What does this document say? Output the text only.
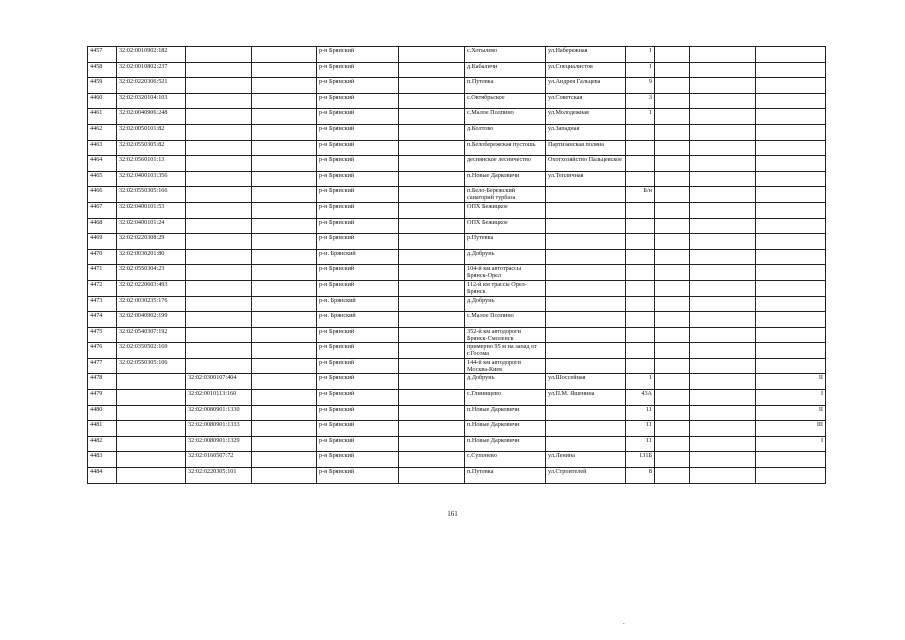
4457	32:02:0010902:182			р-н Брянский		с.Хотылево	ул.Набережная	1			
4458	32:02:0010802:237			р-н Брянский		д.Кабаличи	ул.Специалистов	1			
4459	32:02:0220306:521			р-н Брянский		п.Путевка	ул.Андрея Гальцева	9			
4460	32:02:0320104:103			р-н Брянский		с.Октябрьское	ул.Советская	3			
4461	32:02:0040906:248			р-н Брянский		с.Малое Полпино	ул.Молодежная	1			
4462	32:02:0050101:82			р-н Брянский		д.Колтово	ул.Западная				
4463	32:02:0550305:82			р-н Брянский		п.Белобережская пустошь	Партизанская поляна				
4464	32:02:0560101:13			р-н Брянский		деснянское лесничество	Охотхозяйство Пальцевское				
4465	32:02:0400103:356			р-н Брянский		п.Новые Дарковичи	ул.Тепличная				
4466	32:02:0550305:166			р-н Брянский		п.Бело-Бережский санаторий турбаза		Б/н			
4467	32:02:0400101:53			р-н Брянский		ОПХ Бежицкое					
4468	32:02:0400101:24			р-н Брянский		ОПХ Бежицкое					
4469	32:02:0220308:29			р-н Брянский		р.Путевка					
4470	32:02:0030201:80			р-н. Брянский		д.Добрунь					
4471	32:02:0550304:23			р-н Брянский		104-й км автотрассы Брянск-Орел					
4472	32:02:0220603:493			р-н Брянский		112-й км трассы Орел-Брянск					
4473	32:02:0030235:176			р-н. Брянский		д.Добрунь					
4474	32:02:0040902:199			р-н. Брянский		с.Малое Полпино					
4475	32:02:0540307:192			р-н Брянский		352-й км автодороги Брянск-Смоленск					
4476	32:02:0350502:169			р-н Брянский		примерно 95 м на запад от г.Госома					
4477	32:02:0550305:106			р-н Брянский		144-й км автодороги Москва-Киев					
4478		32:02:0300107:404		р-н Брянский		д.Добрунь	ул.Шоссейная	1			II
4479		32:02:0010113:160		р-н Брянский		с.Глинищево	ул.П.М. Яшенина	43А			I
4480		32:02:0080901:1330		р-н Брянский		п.Новые Дарковичи		11			II
4481		32:02:0080901:1333		р-н Брянский		п.Новые Дарковичи		11			III
4482		32:02:0080901:1329		р-н Брянский		п.Новые Дарковичи		11			I
4483		32:02:0160507:72		р-н Брянский		с.Супонево	ул.Ленина	131Б			
4484		32:02:0220305:101		р-н Брянский		п.Путевка	ул.Строителей	8			
161
.
